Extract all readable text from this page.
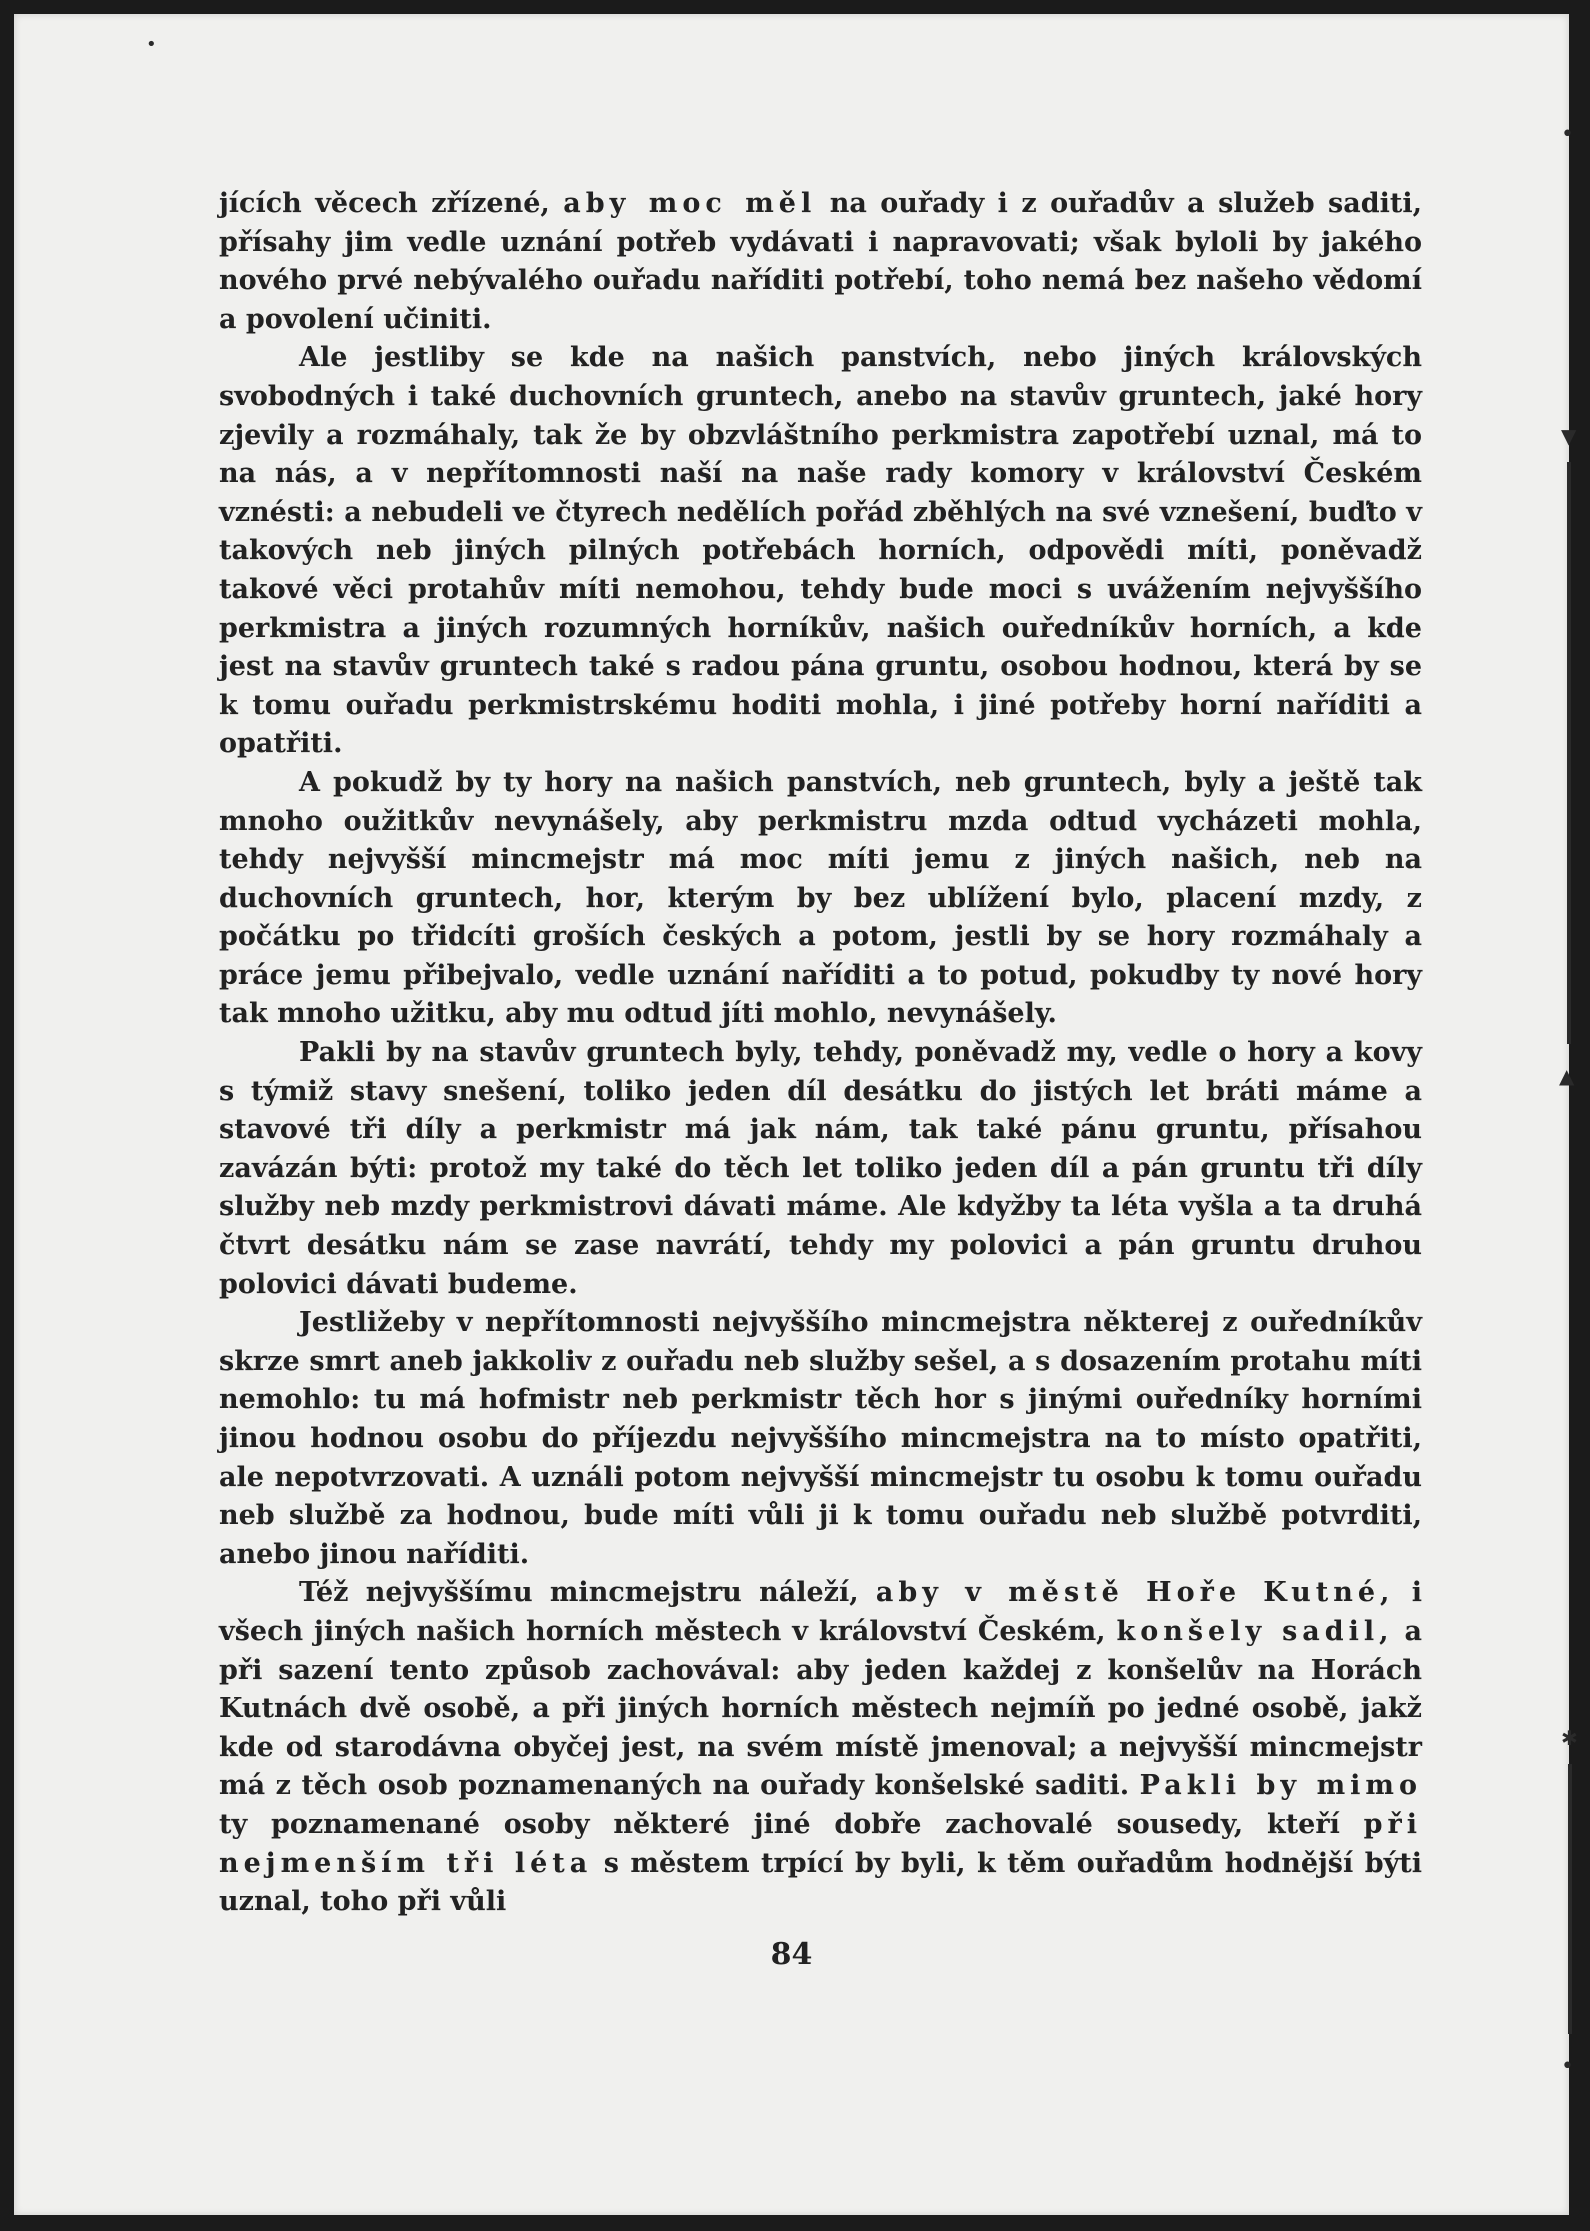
jících věcech zřízené, aby moc měl na ouřady i z ouřadův a služeb saditi, přísahy jim vedle uznání potřeb vydávati i napravovati; však byloli by jakého nového prvé nebývalého ouřadu naříditi potřebí, toho nemá bez našeho vědomí a povolení učiniti.

Ale jestliby se kde na našich panstvích, nebo jiných královských svobodných i také duchovních gruntech, anebo na stavův gruntech, jaké hory zjevily a rozmáhaly, tak že by obzvláštního perkmistra zapotřebí uznal, má to na nás, a v nepřítomnosti naší na naše rady komory v království Českém vznésti: a nebudeli ve čtyrech nedělích pořád zběhlých na své vznešení, buďto v takových neb jiných pilných potřebách horních, odpovědi míti, poněvadž takové věci protahův míti nemohou, tehdy bude moci s uvážením nejvyššího perkmistra a jiných rozumných horníkův, našich ouředníkův horních, a kde jest na stavův gruntech také s radou pána gruntu, osobou hodnou, která by se k tomu ouřadu perkmistrskému hoditi mohla, i jiné potřeby horní naříditi a opatřiti.

A pokudž by ty hory na našich panstvích, neb gruntech, byly a ještě tak mnoho oužitkův nevynášely, aby perkmistru mzda odtud vycházeti mohla, tehdy nejvyšší mincmejstr má moc míti jemu z jiných našich, neb na duchovních gruntech, hor, kterým by bez ublížení bylo, placení mzdy, z počátku po třidcíti groších českých a potom, jestli by se hory rozmáhaly a práce jemu přibejvalo, vedle uznání naříditi a to potud, pokudby ty nové hory tak mnoho užitku, aby mu odtud jíti mohlo, nevynášely.

Pakli by na stavův gruntech byly, tehdy, poněvadž my, vedle o hory a kovy s týmiž stavy snešení, toliko jeden díl desátku do jistých let bráti máme a stavové tři díly a perkmistr má jak nám, tak také pánu gruntu, přísahou zavázán býti: protož my také do těch let toliko jeden díl a pán gruntu tři díly služby neb mzdy perkmistrovi dávati máme. Ale kdyžby ta léta vyšla a ta druhá čtvrt desátku nám se zase navrátí, tehdy my polovici a pán gruntu druhou polovici dávati budeme.

Jestližeby v nepřítomnosti nejvyššího mincmejstra některej z ouředníkův skrze smrt aneb jakkoliv z ouřadu neb služby sešel, a s dosazením protahu míti nemohlo: tu má hofmistr neb perkmistr těch hor s jinými ouředníky horními jinou hodnou osobu do příjezdu nejvyššího mincmejstra na to místo opatřiti, ale nepotvrzovati. A uználi potom nejvyšší mincmejstr tu osobu k tomu ouřadu neb službě za hodnou, bude míti vůli ji k tomu ouřadu neb službě potvrditi, anebo jinou naříditi.

Též nejvyššímu mincmejstru náleží, aby v městě Hoře Kutné, i všech jiných našich horních městech v království Českém, konšely sadil, a při sazení tento způsob zachovával: aby jeden každej z konšelův na Horách Kutnách dvě osobě, a při jiných horních městech nejmíň po jedné osobě, jakž kde od starodávna obyčej jest, na svém místě jmenoval; a nejvyšší mincmejstr má z těch osob poznamenaných na ouřady konšelské saditi. Pakli by mimo ty poznamenané osoby některé jiné dobře zachovalé sousedy, kteří při nejmenším tři léta s městem trpící by byli, k těm ouřadům hodnější býti uznal, toho při vůli

84
•
▼
▲
✱
•
•
